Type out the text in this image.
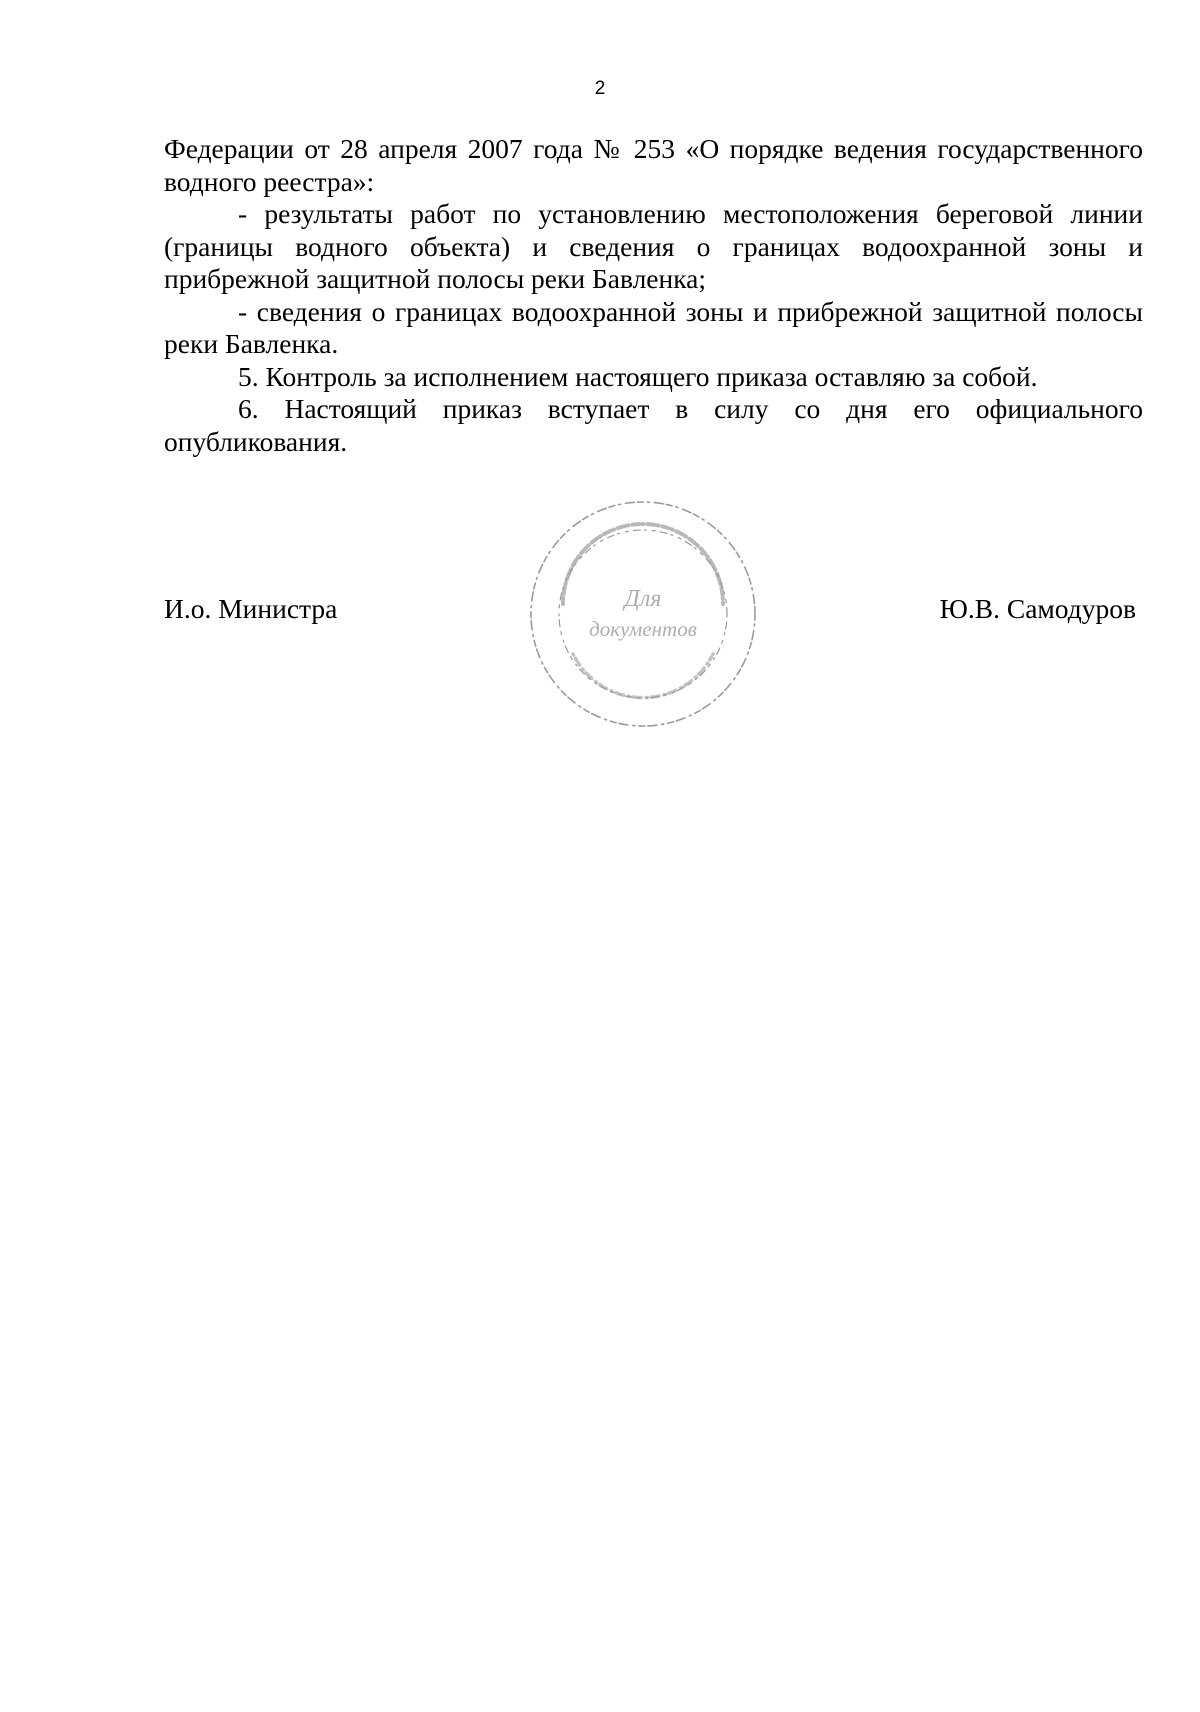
2

Федерации от 28 апреля 2007 года № 253 «О порядке ведения государственного водного реестра»:

- результаты работ по установлению местоположения береговой линии (границы водного объекта) и сведения о границах водоохранной зоны и прибрежной защитной полосы реки Бавленка;

- сведения о границах водоохранной зоны и прибрежной защитной полосы реки Бавленка.

5. Контроль за исполнением настоящего приказа оставляю за собой.

6. Настоящий приказ вступает в силу со дня его официального опубликования.

И.о. Министра	Ю.В. Самодуров
Для
документов
